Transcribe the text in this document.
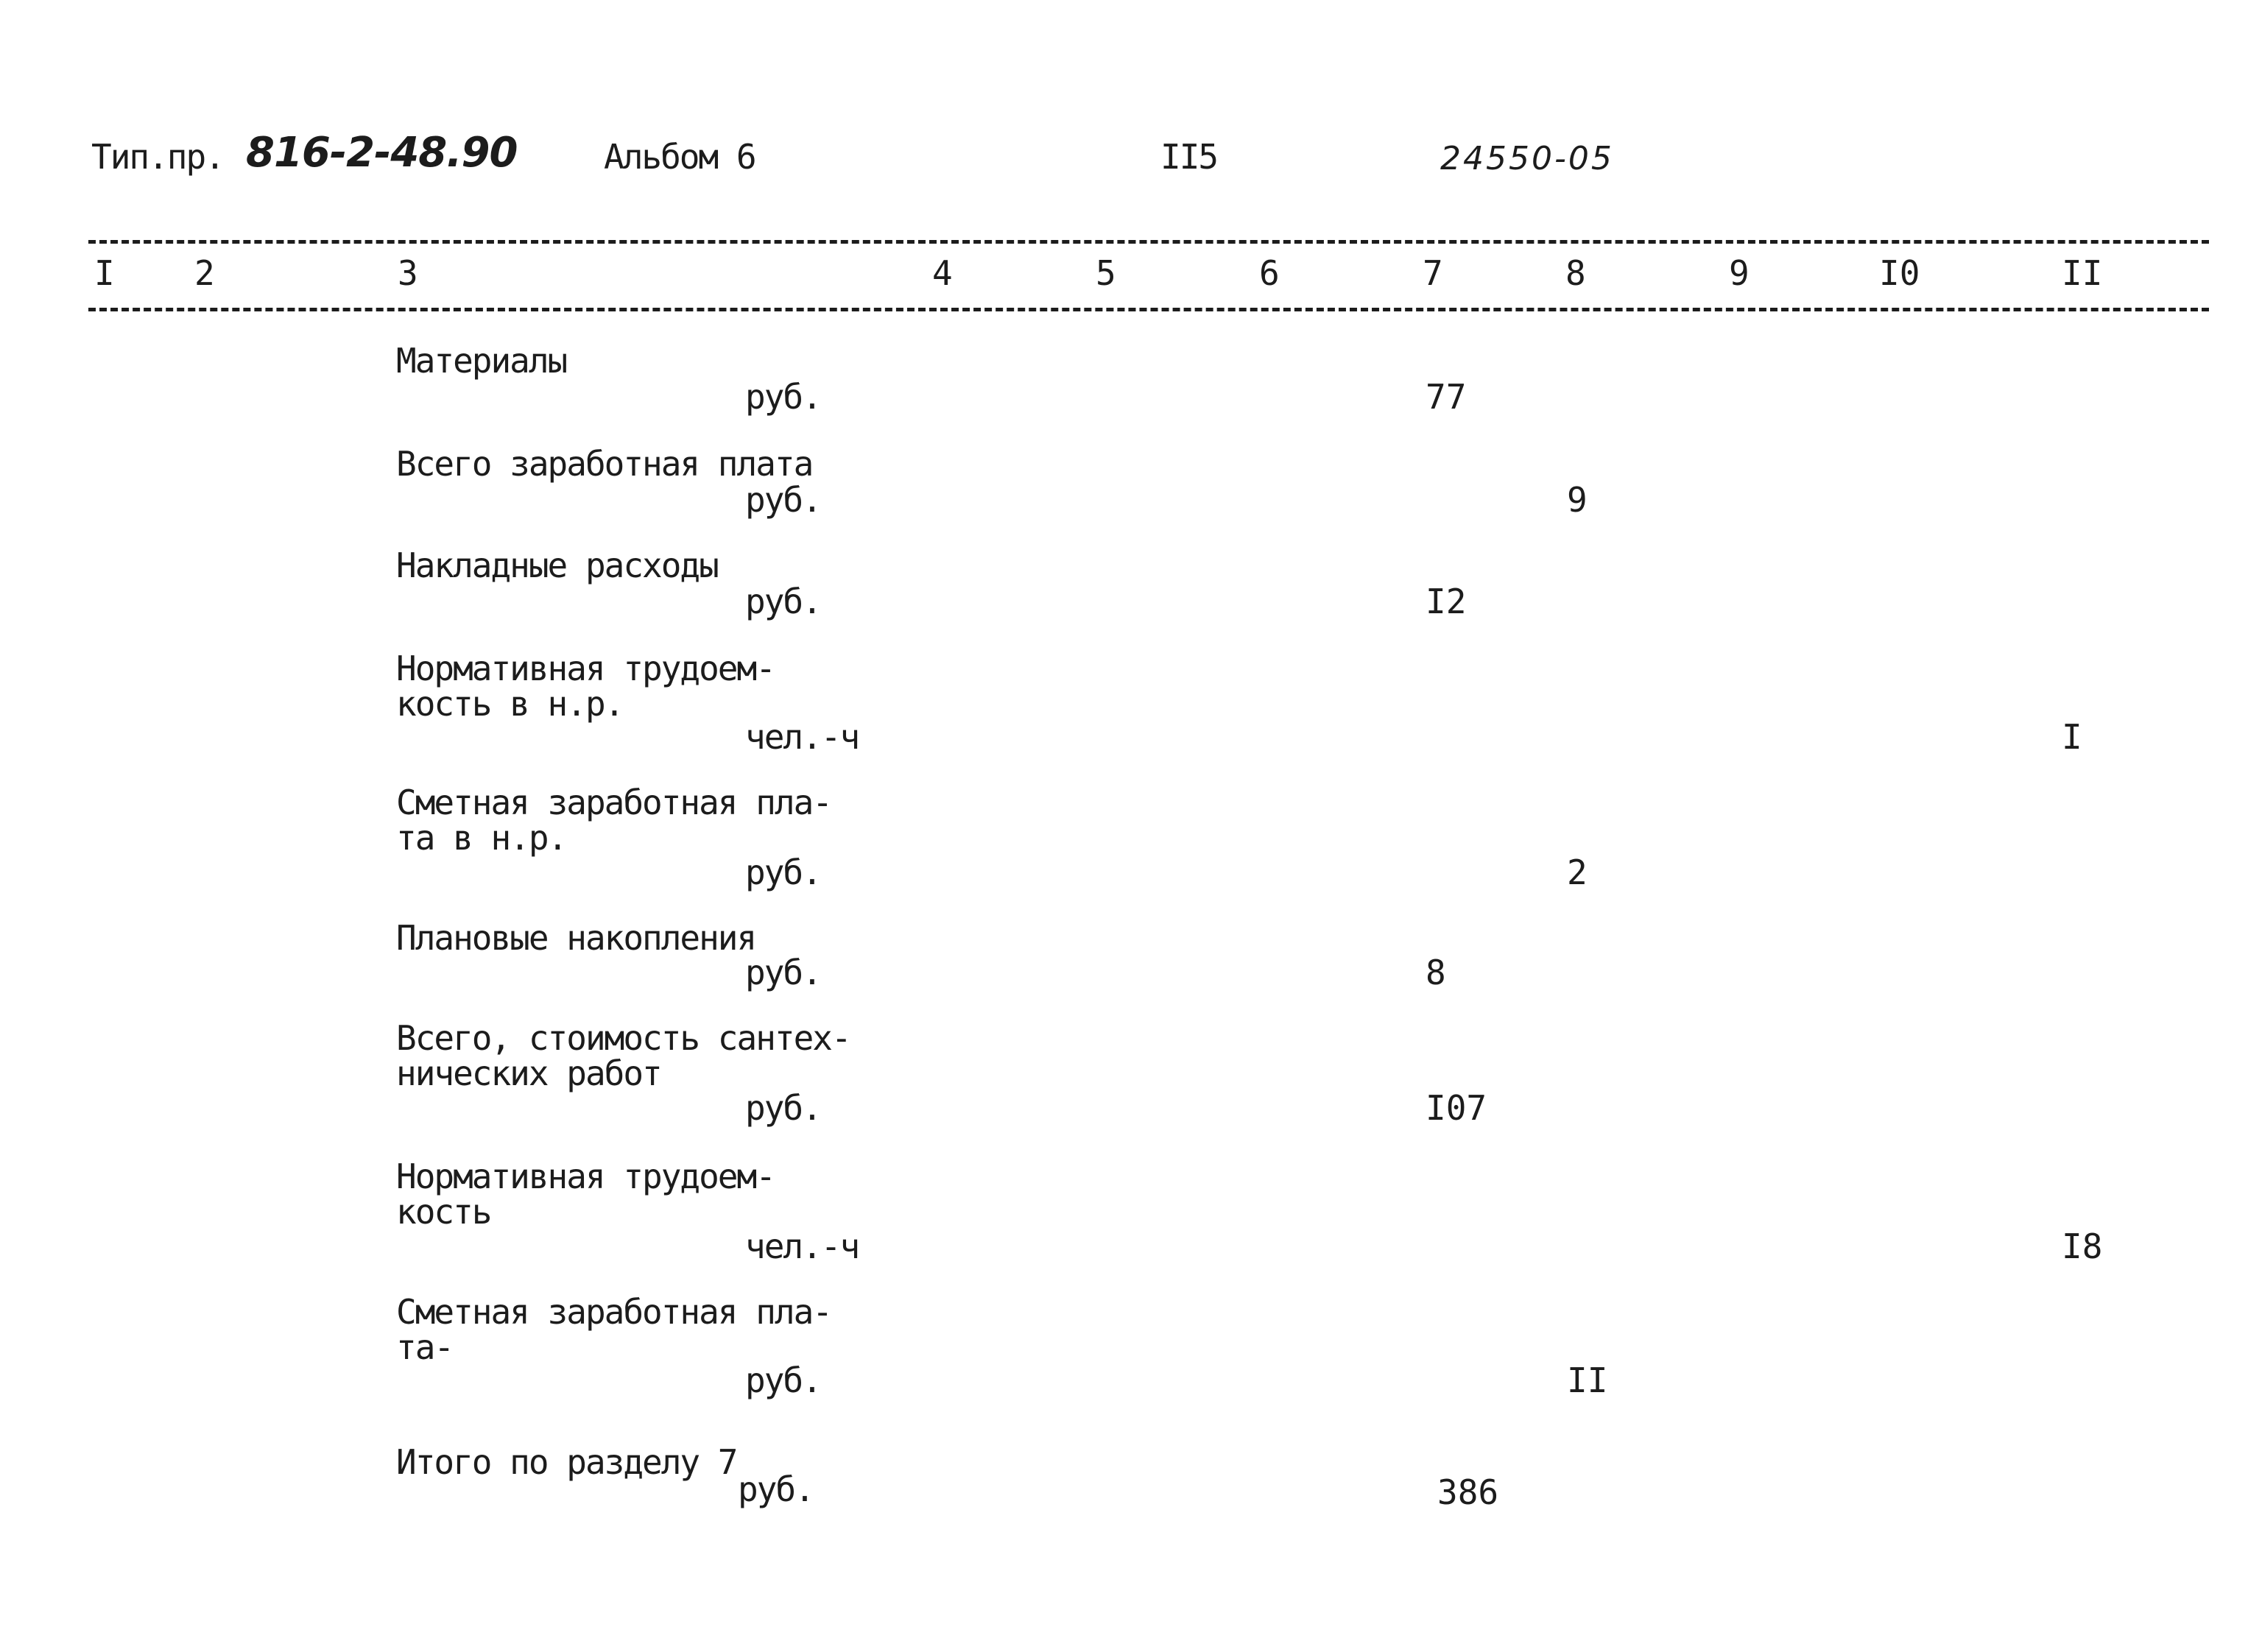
Тип.пр. 816-2-48.90	Альбом 6	II5	24550-05
I 2	3	4	5	6	7	8	9	I0	II
Материалы
руб.	77
Всего заработная плата
руб.	9
Накладные расходы
руб.	I2
Нормативная трудоем-
кость в н.р.
чел.-ч	I
Сметная заработная пла-
та в н.р.
руб.	2
Плановые накопления
руб.	8
Всего, стоимость сантех-
нических работ
руб.	I07
Нормативная трудоем-
кость
чел.-ч	I8
Сметная заработная пла-
та-
руб.	II
Итого по разделу 7
руб.	386
